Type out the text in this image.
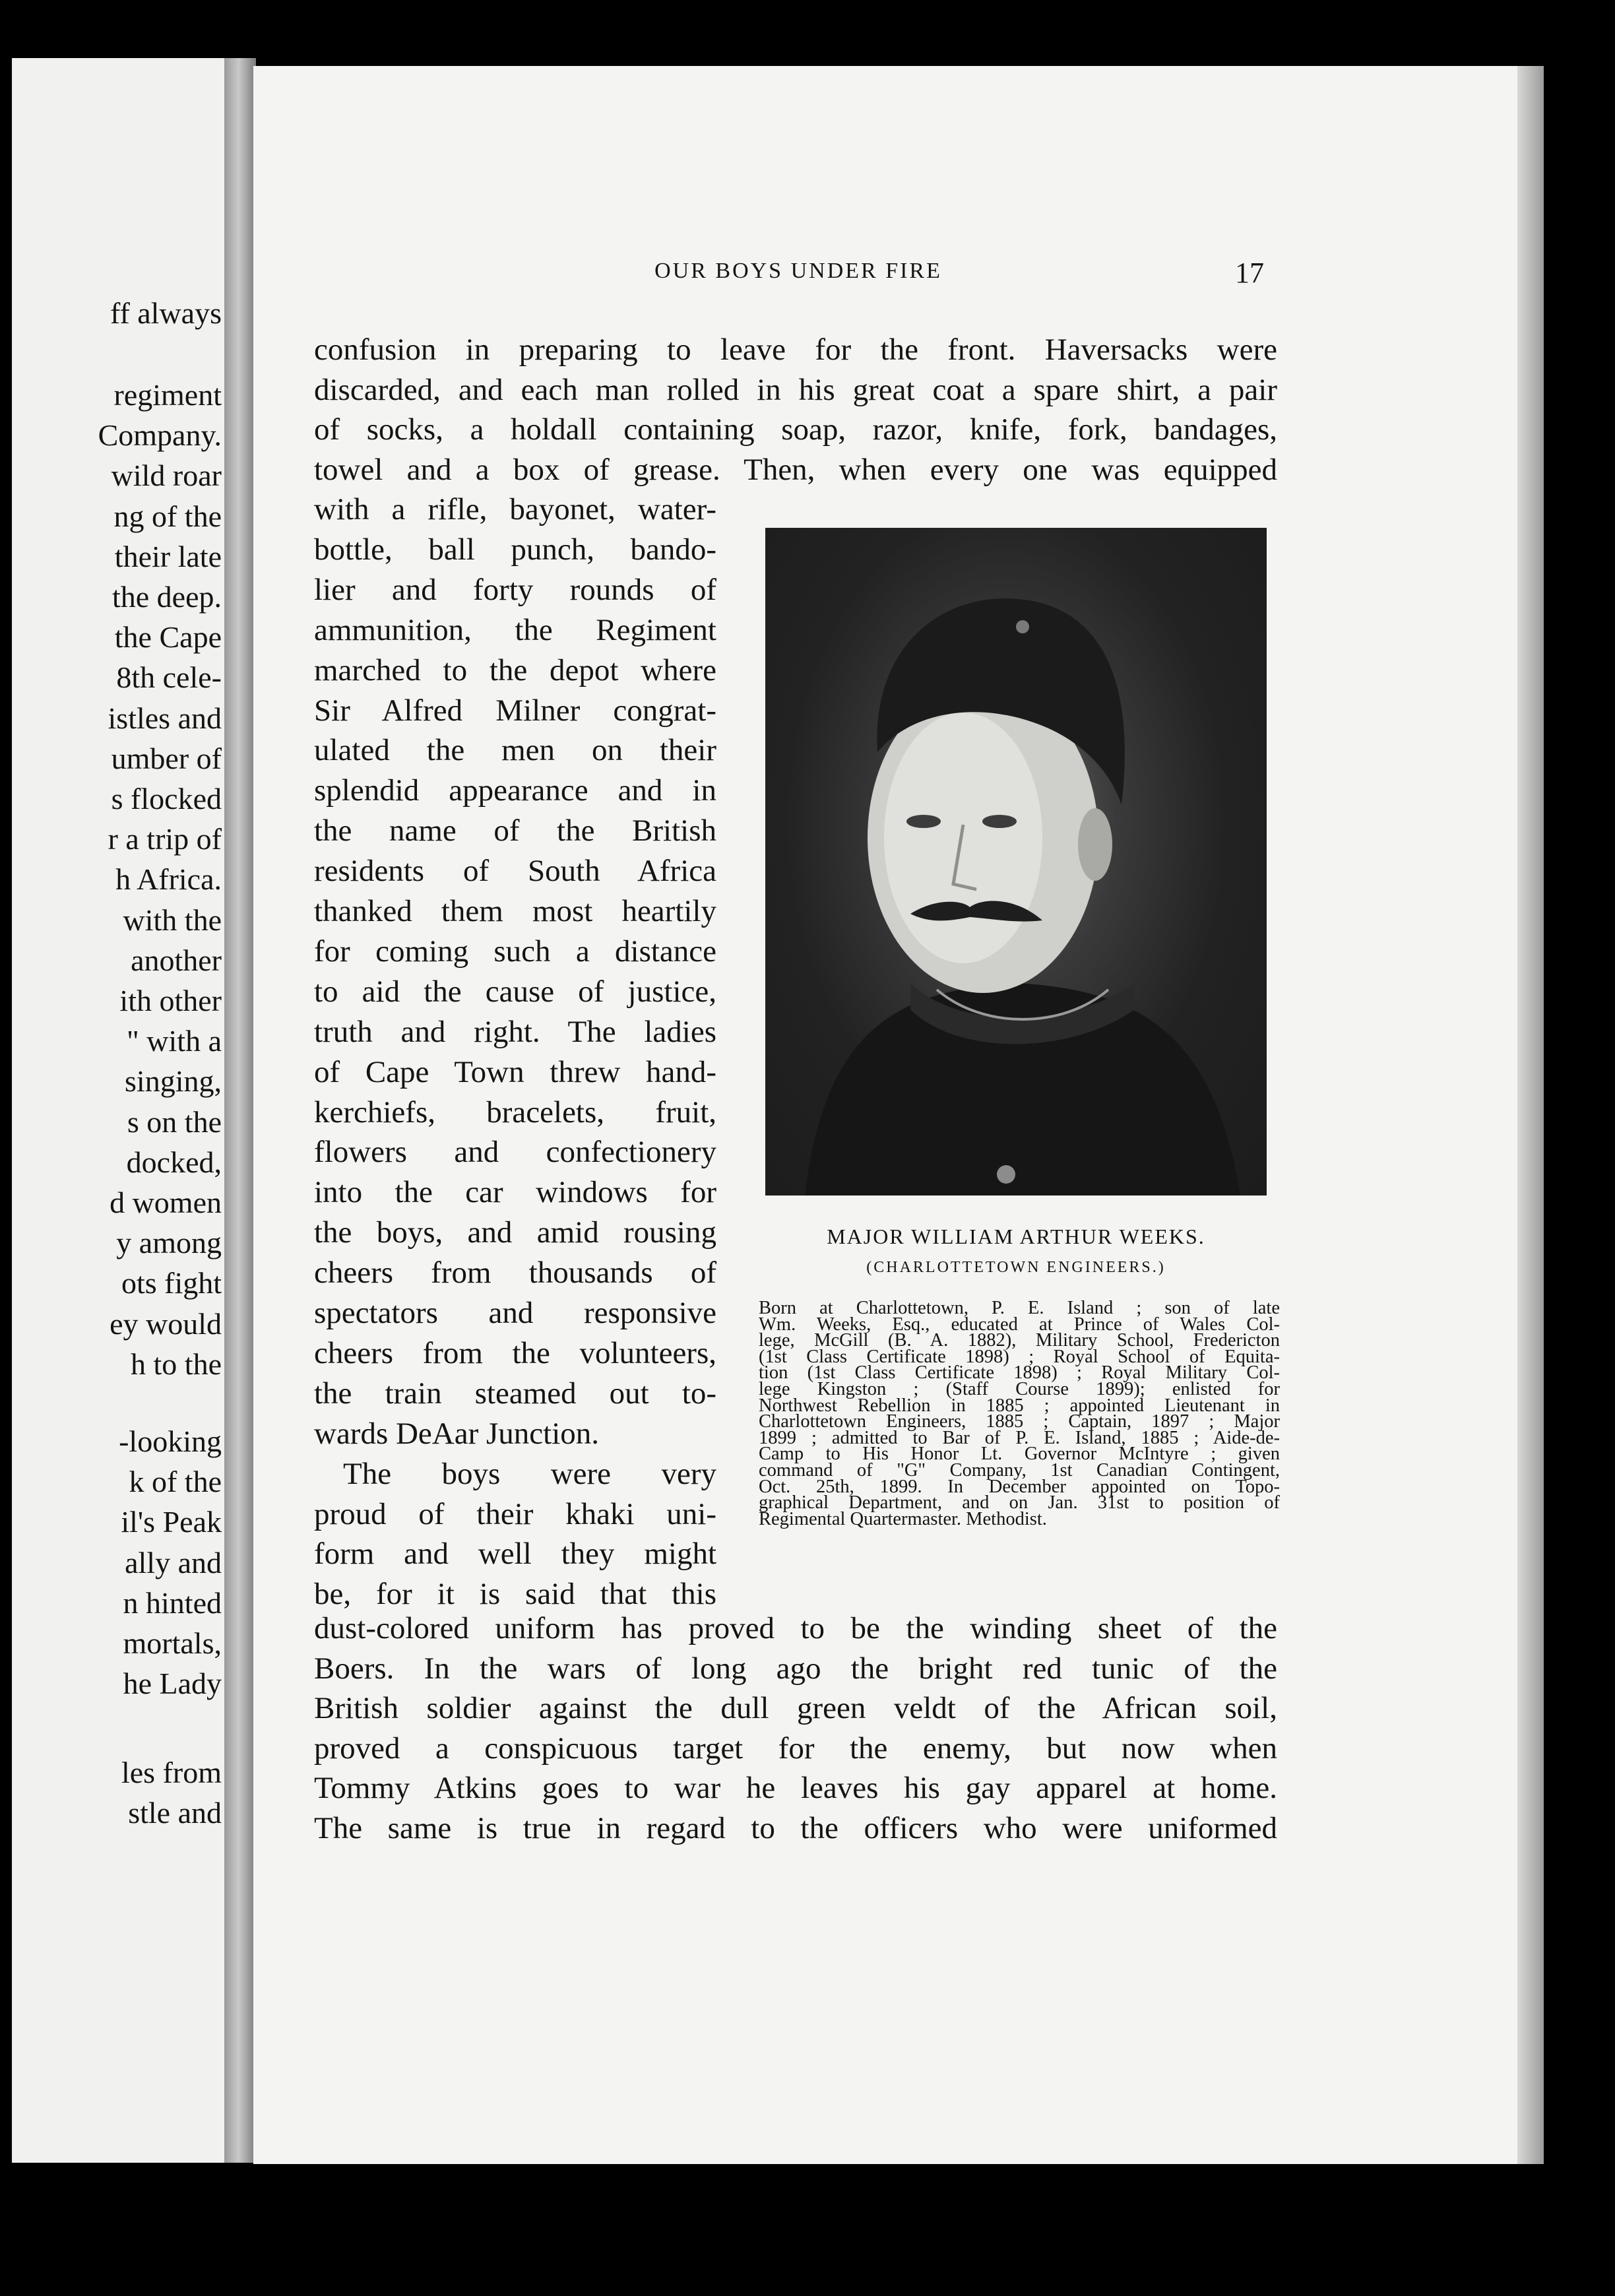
ff always
regiment
Company.
wild roar
ng of the
their late
the deep.
the Cape
8th cele-
istles and
umber of
s flocked
r a trip of
h Africa.
with the
another
ith other
" with a
singing,
s on the
docked,
d women
y among
ots fight
ey would
h to the
-looking
k of the
il's Peak
ally and
n hinted
mortals,
he Lady
les from
stle and
OUR BOYS UNDER FIRE	17
confusion in preparing to leave for the front. Haversacks were
discarded, and each man rolled in his great coat a spare shirt, a pair
of socks, a holdall containing soap, razor, knife, fork, bandages,
towel and a box of grease. Then, when every one was equipped
with a rifle, bayonet, water-
bottle, ball punch, bando-
lier and forty rounds of
ammunition, the Regiment
marched to the depot where
Sir Alfred Milner congrat-
ulated the men on their
splendid appearance and in
the name of the British
residents of South Africa
thanked them most heartily
for coming such a distance
to aid the cause of justice,
truth and right. The ladies
of Cape Town threw hand-
kerchiefs, bracelets, fruit,
flowers and confectionery
into the car windows for
the boys, and amid rousing
cheers from thousands of
spectators and responsive
cheers from the volunteers,
the train steamed out to-
wards DeAar Junction.
The boys were very
proud of their khaki uni-
form and well they might
be, for it is said that this
dust-colored uniform has proved to be the winding sheet of the
Boers. In the wars of long ago the bright red tunic of the
British soldier against the dull green veldt of the African soil,
proved a conspicuous target for the enemy, but now when
Tommy Atkins goes to war he leaves his gay apparel at home.
The same is true in regard to the officers who were uniformed
MAJOR WILLIAM ARTHUR WEEKS.
(CHARLOTTETOWN ENGINEERS.)
Born at Charlottetown, P. E. Island ; son of late
Wm. Weeks, Esq., educated at Prince of Wales Col-
lege, McGill (B. A. 1882), Military School, Fredericton
(1st Class Certificate 1898) ; Royal School of Equita-
tion (1st Class Certificate 1898) ; Royal Military Col-
lege Kingston ; (Staff Course 1899); enlisted for
Northwest Rebellion in 1885 ; appointed Lieutenant in
Charlottetown Engineers, 1885 ; Captain, 1897 ; Major
1899 ; admitted to Bar of P. E. Island, 1885 ; Aide-de-
Camp to His Honor Lt. Governor McIntyre ; given
command of "G" Company, 1st Canadian Contingent,
Oct. 25th, 1899. In December appointed on Topo-
graphical Department, and on Jan. 31st to position of
Regimental Quartermaster. Methodist.
